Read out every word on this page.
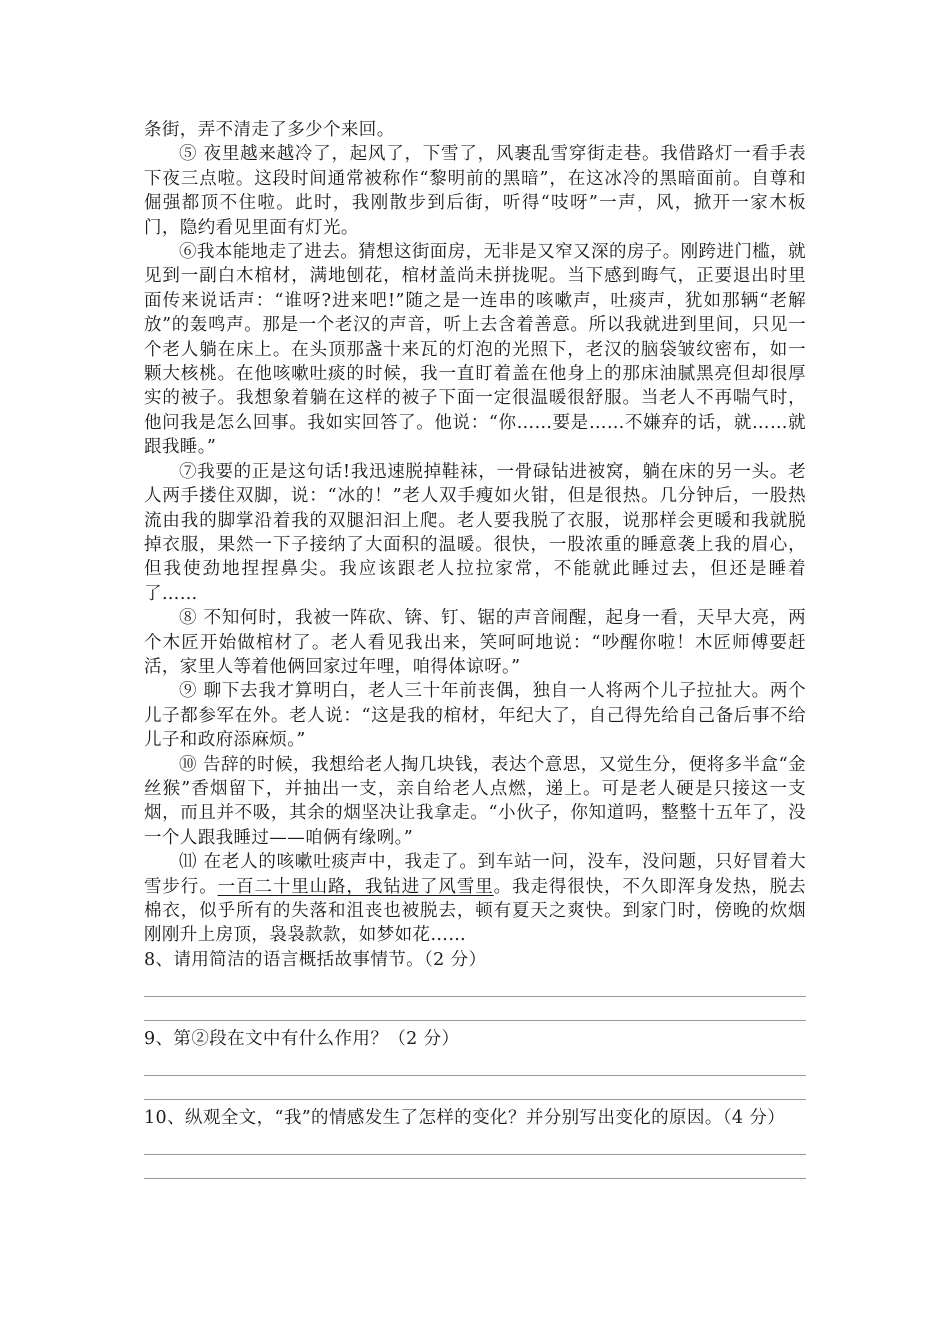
条街，弄不清走了多少个来回。

⑤ 夜里越来越冷了，起风了，下雪了，风裹乱雪穿街走巷。我借路灯一看手表下夜三点啦。这段时间通常被称作“黎明前的黑暗”，在这冰冷的黑暗面前。自尊和倔强都顶不住啦。此时，我刚散步到后街，听得“吱呀”一声，风，掀开一家木板门，隐约看见里面有灯光。

⑥我本能地走了进去。猜想这街面房，无非是又窄又深的房子。刚跨进门槛，就见到一副白木棺材，满地刨花，棺材盖尚未拼拢呢。当下感到晦气，正要退出时里面传来说话声：“谁呀?进来吧!”随之是一连串的咳嗽声，吐痰声，犹如那辆“老解放”的轰鸣声。那是一个老汉的声音，听上去含着善意。所以我就进到里间，只见一个老人躺在床上。在头顶那盏十来瓦的灯泡的光照下，老汉的脑袋皱纹密布，如一颗大核桃。在他咳嗽吐痰的时候，我一直盯着盖在他身上的那床油腻黑亮但却很厚实的被子。我想象着躺在这样的被子下面一定很温暖很舒服。当老人不再喘气时，他问我是怎么回事。我如实回答了。他说：“你……要是……不嫌弃的话，就……就跟我睡。”

⑦我要的正是这句话!我迅速脱掉鞋袜，一骨碌钻进被窝，躺在床的另一头。老人两手搂住双脚，说：“冰的！”老人双手瘦如火钳，但是很热。几分钟后，一股热流由我的脚掌沿着我的双腿汩汩上爬。老人要我脱了衣服，说那样会更暖和我就脱掉衣服，果然一下子接纳了大面积的温暖。很快，一股浓重的睡意袭上我的眉心，但我使劲地捏捏鼻尖。我应该跟老人拉拉家常，不能就此睡过去，但还是睡着了……

⑧ 不知何时，我被一阵砍、锛、钉、锯的声音闹醒，起身一看，天早大亮，两个木匠开始做棺材了。老人看见我出来，笑呵呵地说：“吵醒你啦！木匠师傅要赶活，家里人等着他俩回家过年哩，咱得体谅呀。”

⑨ 聊下去我才算明白，老人三十年前丧偶，独自一人将两个儿子拉扯大。两个儿子都参军在外。老人说：“这是我的棺材，年纪大了，自己得先给自己备后事不给儿子和政府添麻烦。”

⑩ 告辞的时候，我想给老人掏几块钱，表达个意思，又觉生分，便将多半盒“金丝猴”香烟留下，并抽出一支，亲自给老人点燃，递上。可是老人硬是只接这一支烟，而且并不吸，其余的烟坚决让我拿走。“小伙子，你知道吗，整整十五年了，没一个人跟我睡过——咱俩有缘咧。”

⑾ 在老人的咳嗽吐痰声中，我走了。到车站一问，没车，没问题，只好冒着大雪步行。一百二十里山路，我钻进了风雪里。我走得很快，不久即浑身发热，脱去棉衣，似乎所有的失落和沮丧也被脱去，顿有夏天之爽快。到家门时，傍晚的炊烟刚刚升上房顶，袅袅款款，如梦如花……

8、请用简洁的语言概括故事情节。（2 分）

9、第②段在文中有什么作用？（2 分）

10、纵观全文，“我”的情感发生了怎样的变化？并分别写出变化的原因。（4 分）
